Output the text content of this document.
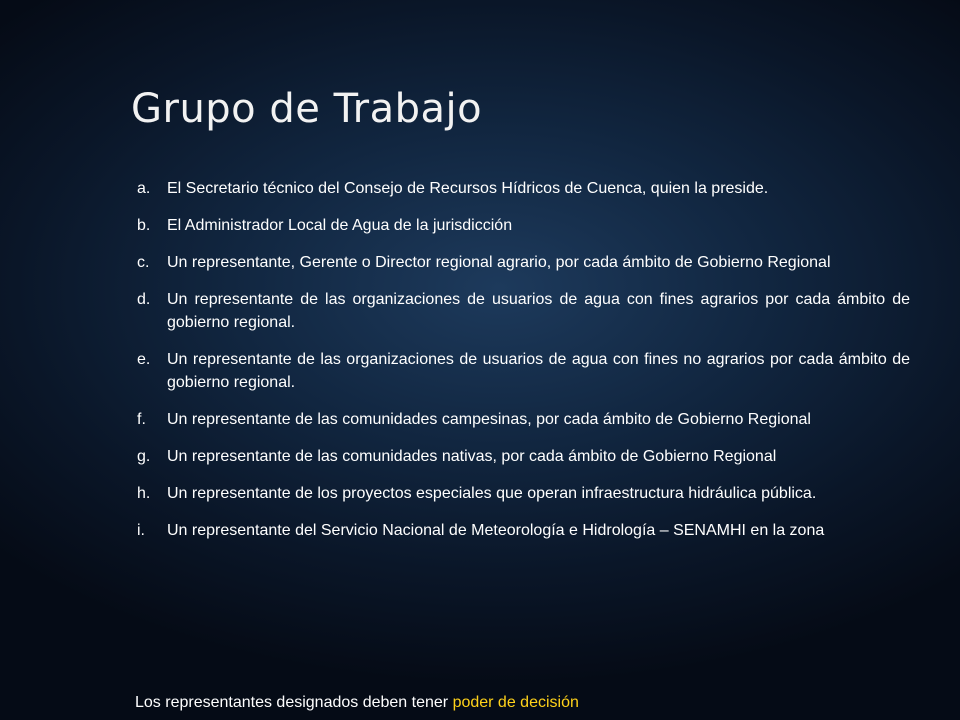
Grupo de Trabajo
a.	El Secretario técnico del Consejo de Recursos Hídricos de Cuenca, quien la preside.
b.	El Administrador Local de Agua de la jurisdicción
c.	Un representante, Gerente o Director regional agrario, por cada ámbito de Gobierno Regional
d.	Un representante de las organizaciones de usuarios de agua con fines agrarios por cada ámbito de gobierno regional.
e.	Un representante de las organizaciones de usuarios de agua con fines no agrarios por cada ámbito de gobierno regional.
f.	Un representante de las comunidades campesinas, por cada ámbito de Gobierno Regional
g.	Un representante de las comunidades nativas, por cada ámbito de Gobierno Regional
h.	Un representante de los proyectos especiales que operan infraestructura hidráulica pública.
i.	Un representante del Servicio Nacional de Meteorología e Hidrología – SENAMHI en la zona

Los representantes designados deben tener poder de decisión
